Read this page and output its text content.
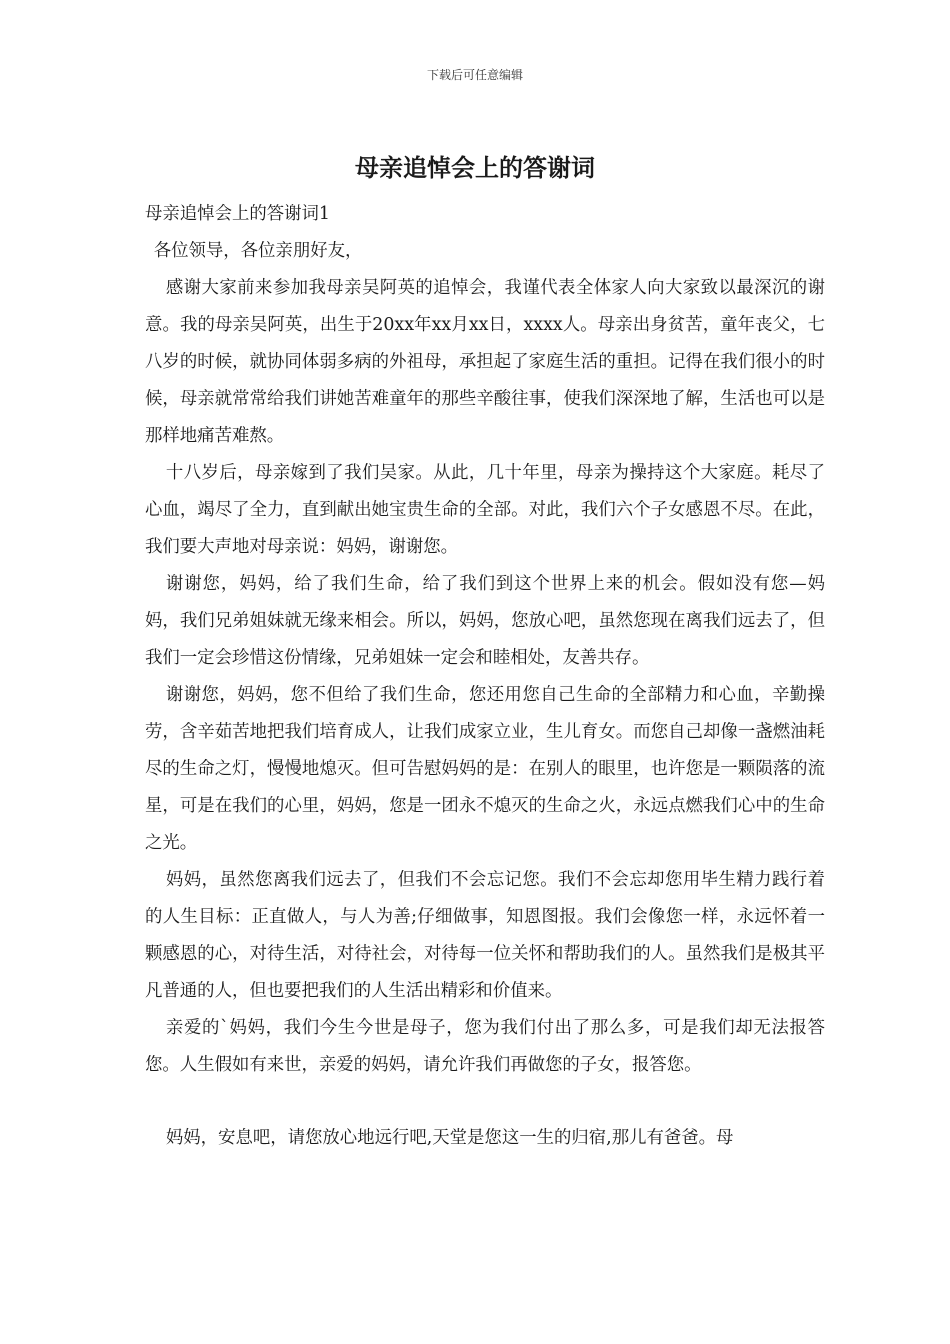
下载后可任意编辑
母亲追悼会上的答谢词

母亲追悼会上的答谢词1

各位领导，各位亲朋好友，

感谢大家前来参加我母亲吴阿英的追悼会，我谨代表全体家人向大家致以最深沉的谢意。我的母亲吴阿英，出生于20xx年xx月xx日，xxxx人。母亲出身贫苦，童年丧父，七八岁的时候，就协同体弱多病的外祖母，承担起了家庭生活的重担。记得在我们很小的时候，母亲就常常给我们讲她苦难童年的那些辛酸往事，使我们深深地了解，生活也可以是那样地痛苦难熬。

十八岁后，母亲嫁到了我们吴家。从此，几十年里，母亲为操持这个大家庭。耗尽了心血，竭尽了全力，直到献出她宝贵生命的全部。对此，我们六个子女感恩不尽。在此，我们要大声地对母亲说：妈妈，谢谢您。

谢谢您，妈妈，给了我们生命，给了我们到这个世界上来的机会。假如没有您—妈妈，我们兄弟姐妹就无缘来相会。所以，妈妈，您放心吧，虽然您现在离我们远去了，但我们一定会珍惜这份情缘，兄弟姐妹一定会和睦相处，友善共存。

谢谢您，妈妈，您不但给了我们生命，您还用您自己生命的全部精力和心血，辛勤操劳，含辛茹苦地把我们培育成人，让我们成家立业，生儿育女。而您自己却像一盏燃油耗尽的生命之灯，慢慢地熄灭。但可告慰妈妈的是：在别人的眼里，也许您是一颗陨落的流星，可是在我们的心里，妈妈，您是一团永不熄灭的生命之火，永远点燃我们心中的生命之光。

妈妈，虽然您离我们远去了，但我们不会忘记您。我们不会忘却您用毕生精力践行着的人生目标：正直做人，与人为善;仔细做事，知恩图报。我们会像您一样，永远怀着一颗感恩的心，对待生活，对待社会，对待每一位关怀和帮助我们的人。虽然我们是极其平凡普通的人，但也要把我们的人生活出精彩和价值来。

亲爱的`妈妈，我们今生今世是母子，您为我们付出了那么多，可是我们却无法报答您。人生假如有来世，亲爱的妈妈，请允许我们再做您的子女，报答您。

妈妈，安息吧，请您放心地远行吧,天堂是您这一生的归宿,那儿有爸爸。母
